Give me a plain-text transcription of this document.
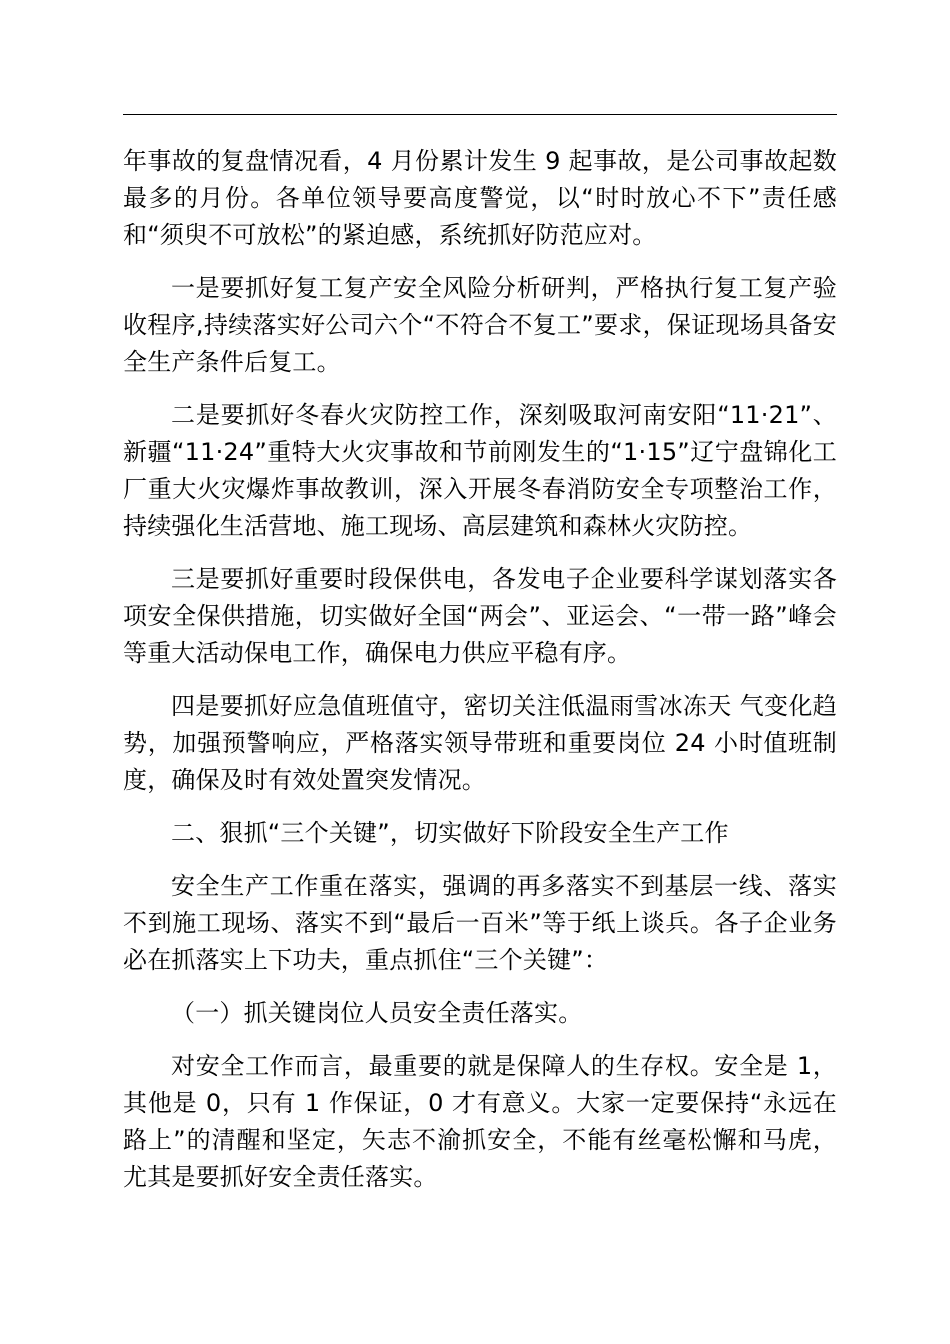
年事故的复盘情况看，4 月份累计发生 9 起事故，是公司事故起数最多的月份。各单位领导要高度警觉，以“时时放心不下”责任感和“须臾不可放松”的紧迫感，系统抓好防范应对。

一是要抓好复工复产安全风险分析研判，严格执行复工复产验收程序,持续落实好公司六个“不符合不复工”要求，保证现场具备安全生产条件后复工。

二是要抓好冬春火灾防控工作，深刻吸取河南安阳“11·21”、新疆“11·24”重特大火灾事故和节前刚发生的“1·15”辽宁盘锦化工厂重大火灾爆炸事故教训，深入开展冬春消防安全专项整治工作，持续强化生活营地、施工现场、高层建筑和森林火灾防控。

三是要抓好重要时段保供电，各发电子企业要科学谋划落实各项安全保供措施，切实做好全国“两会”、亚运会、“一带一路”峰会等重大活动保电工作，确保电力供应平稳有序。

四是要抓好应急值班值守，密切关注低温雨雪冰冻天 气变化趋势，加强预警响应，严格落实领导带班和重要岗位 24 小时值班制度，确保及时有效处置突发情况。

二、狠抓“三个关键”，切实做好下阶段安全生产工作

安全生产工作重在落实，强调的再多落实不到基层一线、落实不到施工现场、落实不到“最后一百米”等于纸上谈兵。各子企业务必在抓落实上下功夫，重点抓住“三个关键”：

（一）抓关键岗位人员安全责任落实。

对安全工作而言，最重要的就是保障人的生存权。安全是 1，其他是 0，只有 1 作保证，0 才有意义。大家一定要保持“永远在路上”的清醒和坚定，矢志不渝抓安全，不能有丝毫松懈和马虎，尤其是要抓好安全责任落实。
